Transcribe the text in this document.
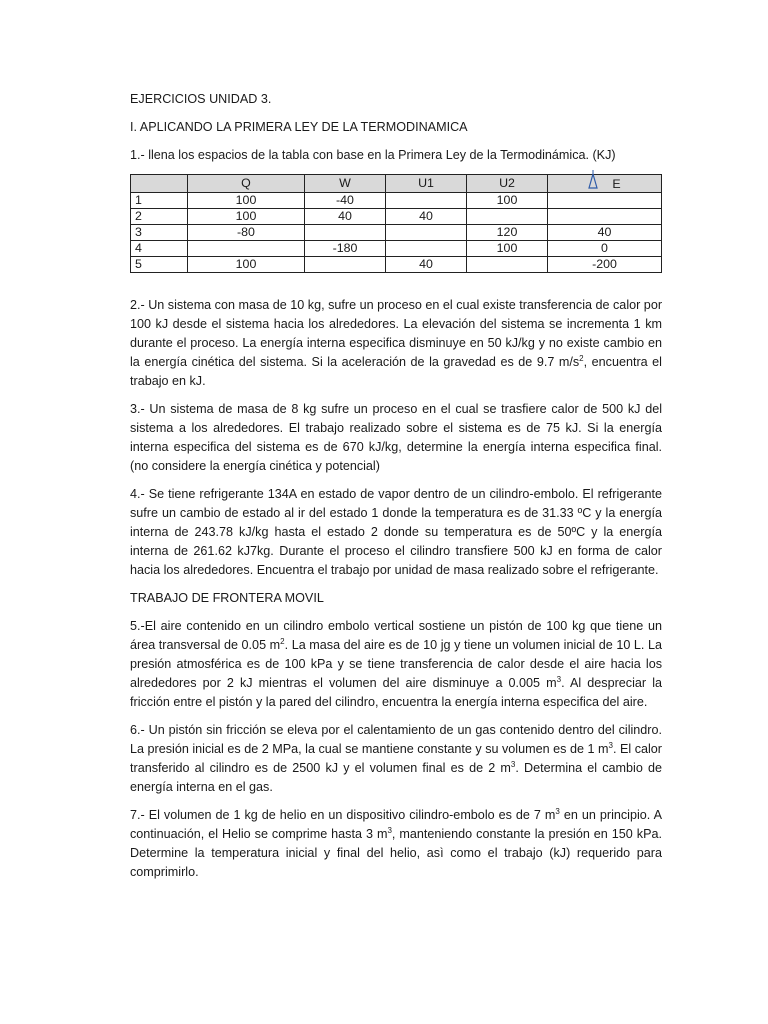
EJERCICIOS UNIDAD 3.

I. APLICANDO LA PRIMERA LEY DE LA TERMODINAMICA

1.- llena los espacios de la tabla con base en la Primera Ley de la Termodinámica. (KJ)

	Q	W	U1	U2	E
1	100	-40		100	
2	100	40	40		
3	-80			120	40
4		-180		100	0
5	100		40		-200

2.- Un sistema con masa de 10 kg, sufre un proceso en el cual existe transferencia de calor por 100 kJ desde el sistema hacia los alrededores. La elevación del sistema se incrementa 1 km durante el proceso. La energía interna especifica disminuye en 50 kJ/kg y no existe cambio en la energía cinética del sistema. Si la aceleración de la gravedad es de 9.7 $m/s^2$, encuentra el trabajo en kJ.

3.- Un sistema de masa de 8 kg sufre un proceso en el cual se trasfiere calor de 500 kJ del sistema a los alrededores. El trabajo realizado sobre el sistema es de 75 kJ. Si la energía interna especifica del sistema es de 670 kJ/kg, determine la energía interna especifica final. (no considere la energía cinética y potencial)

4.- Se tiene refrigerante 134A en estado de vapor dentro de un cilindro-embolo. El refrigerante sufre un cambio de estado al ir del estado 1 donde la temperatura es de 31.33 ºC y la energía interna de 243.78 kJ/kg hasta el estado 2 donde su temperatura es de 50ºC y la energía interna de 261.62 kJ7kg. Durante el proceso el cilindro transfiere 500 kJ en forma de calor hacia los alrededores. Encuentra el trabajo por unidad de masa realizado sobre el refrigerante.

TRABAJO DE FRONTERA MOVIL

5.-El aire contenido en un cilindro embolo vertical sostiene un pistón de 100 kg que tiene un área transversal de 0.05 $m^2$. La masa del aire es de 10 jg y tiene un volumen inicial de 10 L. La presión atmosférica es de 100 kPa y se tiene transferencia de calor desde el aire hacia los alrededores por 2 kJ mientras el volumen del aire disminuye a 0.005 $m^3$. Al despreciar la fricción entre el pistón y la pared del cilindro, encuentra la energía interna especifica del aire.

6.- Un pistón sin fricción se eleva por el calentamiento de un gas contenido dentro del cilindro. La presión inicial es de 2 MPa, la cual se mantiene constante y su volumen es de 1 $m^3$. El calor transferido al cilindro es de 2500 kJ y el volumen final es de 2 $m^3$. Determina el cambio de energía interna en el gas.

7.- El volumen de 1 kg de helio en un dispositivo cilindro-embolo es de 7 $m^3$ en un principio. A continuación, el Helio se comprime hasta 3 $m^3$, manteniendo constante la presión en 150 kPa. Determine la temperatura inicial y final del helio, asì como el trabajo (kJ) requerido para comprimirlo.
